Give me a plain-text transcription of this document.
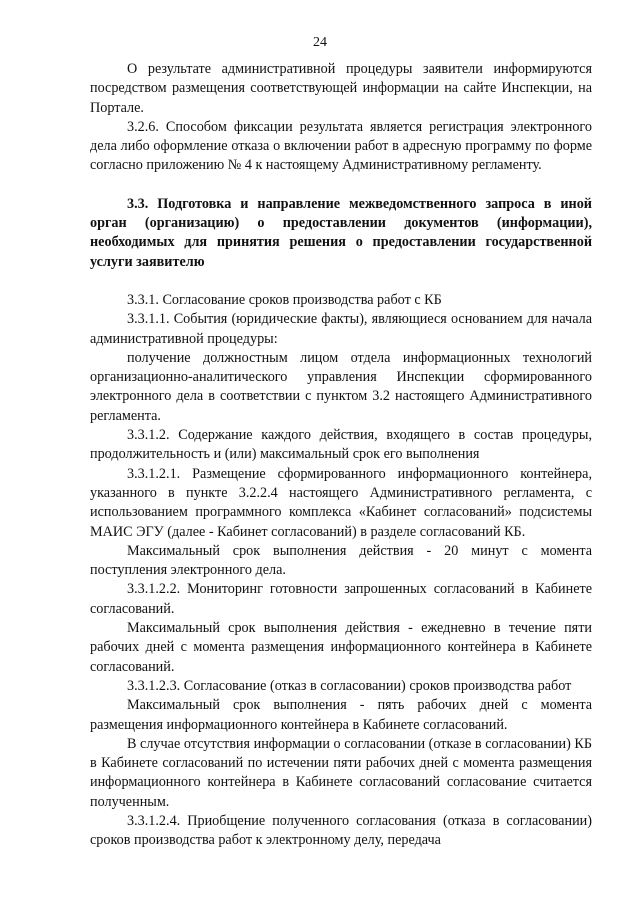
24

О результате административной процедуры заявители информируются посредством размещения соответствующей информации на сайте Инспекции, на Портале.

3.2.6. Способом фиксации результата является регистрация электронного дела либо оформление отказа о включении работ в адресную программу по форме согласно приложению № 4 к настоящему Административному регламенту.

3.3. Подготовка и направление межведомственного запроса в иной орган (организацию) о предоставлении документов (информации), необходимых для принятия решения о предоставлении государственной услуги заявителю

3.3.1. Согласование сроков производства работ с КБ

3.3.1.1. События (юридические факты), являющиеся основанием для начала административной процедуры:

получение должностным лицом отдела информационных технологий организационно-аналитического управления Инспекции сформированного электронного дела в соответствии с пунктом 3.2 настоящего Административного регламента.

3.3.1.2. Содержание каждого действия, входящего в состав процедуры, продолжительность и (или) максимальный срок его выполнения

3.3.1.2.1. Размещение сформированного информационного контейнера, указанного в пункте 3.2.2.4 настоящего Административного регламента, с использованием программного комплекса «Кабинет согласований» подсистемы МАИС ЭГУ (далее - Кабинет согласований) в разделе согласований КБ.

Максимальный срок выполнения действия - 20 минут с момента поступления электронного дела.

3.3.1.2.2. Мониторинг готовности запрошенных согласований в Кабинете согласований.

Максимальный срок выполнения действия - ежедневно в течение пяти рабочих дней с момента размещения информационного контейнера в Кабинете согласований.

3.3.1.2.3. Согласование (отказ в согласовании) сроков производства работ

Максимальный срок выполнения - пять рабочих дней с момента размещения информационного контейнера в Кабинете согласований.

В случае отсутствия информации о согласовании (отказе в согласовании) КБ в Кабинете согласований по истечении пяти рабочих дней с момента размещения информационного контейнера в Кабинете согласований согласование считается полученным.

3.3.1.2.4. Приобщение полученного согласования (отказа в согласовании) сроков производства работ к электронному делу, передача
